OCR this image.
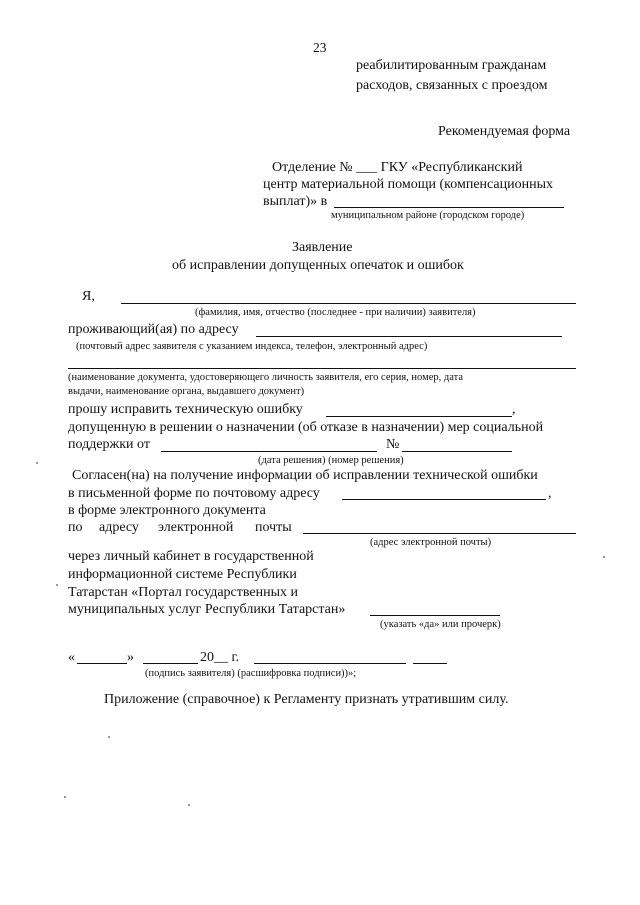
23
реабилитированным гражданам
расходов, связанных с проездом
Рекомендуемая форма
Отделение № ___ ГКУ «Республиканский
центр материальной помощи (компенсационных
выплат)» в
муниципальном районе (городском городе)
Заявление
об исправлении допущенных опечаток и ошибок
Я,
(фамилия, имя, отчество (последнее - при наличии) заявителя)
проживающий(ая) по адресу
(почтовый адрес заявителя с указанием индекса, телефон, электронный адрес)
(наименование документа, удостоверяющего личность заявителя, его серия, номер, дата
выдачи, наименование органа, выдавшего документ)
прошу исправить техническую ошибку	,
допущенную в решении о назначении (об отказе в назначении) мер социальной
поддержки от	№
(дата решения) (номер решения)
Согласен(на) на получение информации об исправлении технической ошибки
в письменной форме по почтовому адресу	,
в форме электронного документа
по адресу электронной почты
(адрес электронной почты)
через личный кабинет в государственной
информационной системе Республики
Татарстан «Портал государственных и
муниципальных услуг Республики Татарстан»
(указать «да» или прочерк)
«	»	20__ г.
(подпись заявителя) (расшифровка подписи))»;
Приложение (справочное) к Регламенту признать утратившим силу.
